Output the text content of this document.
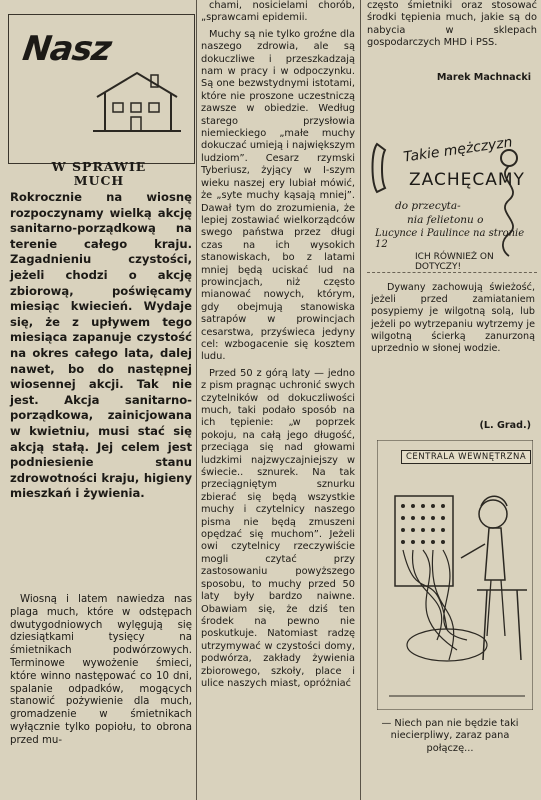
Nasz
W SPRAWIE
MUCH

Rokrocznie na wiosnę rozpoczynamy wielką akcję sanitarno-porządkową na terenie całego kraju. Zagadnieniu czystości, jeżeli chodzi o akcję zbiorową, poświęcamy miesiąc kwiecień. Wydaje się, że z upływem tego miesiąca zapanuje czystość na okres całego lata, dalej nawet, bo do następnej wiosennej akcji. Tak nie jest. Akcja sanitarno-porządkowa, zainicjowana w kwietniu, musi stać się akcją stałą. Jej celem jest podniesienie stanu zdrowotności kraju, higieny mieszkań i żywienia.

Wiosną i latem nawiedza nas plaga much, które w odstępach dwutygodniowych wylęgują się dziesiątkami tysięcy na śmietnikach podwórzowych. Terminowe wywożenie śmieci, które winno następować co 10 dni, spalanie odpadków, mogących stanowić pożywienie dla much, gromadzenie w śmietnikach wyłącznie tylko popiołu, to obrona przed mu-

chami, nosicielami chorób, „sprawcami epidemii.

Muchy są nie tylko groźne dla naszego zdrowia, ale są dokuczliwe i przeszkadzają nam w pracy i w odpoczynku. Są one bezwstydnymi istotami, które nie proszone uczestniczą zawsze w obiedzie. Według starego przysłowia niemieckiego „małe muchy dokuczać umieją i największym ludziom”. Cesarz rzymski Tyberiusz, żyjący w I-szym wieku naszej ery lubiał mówić, że „syte muchy kąsają mniej”. Dawał tym do zrozumienia, że lepiej zostawiać wielkorządców swego państwa przez długi czas na ich wysokich stanowiskach, bo z latami mniej będą uciskać lud na prowincjach, niż często mianować nowych, którym, gdy obejmują stanowiska satrapów w prowincjach cesarstwa, przyświeca jedyny cel: wzbogacenie się kosztem ludu.

Przed 50 z górą laty — jedno z pism pragnąc uchronić swych czytelników od dokuczliwości much, taki podało sposób na ich tępienie: „w poprzek pokoju, na całą jego długość, przeciąga się nad głowami ludzkimi najzwyczajniejszy w świecie.. sznurek. Na tak przeciągniętym sznurku zbierać się będą wszystkie muchy i czytelnicy naszego pisma nie będą zmuszeni opędzać się muchom”. Jeżeli owi czytelnicy rzeczywiście mogli czytać przy zastosowaniu powyższego sposobu, to muchy przed 50 laty były bardzo naiwne. Obawiam się, że dziś ten środek na pewno nie poskutkuje. Natomiast radzę utrzymywać w czystości domy, podwórza, zakłady żywienia zbiorowego, szkoły, place i ulice naszych miast, opróżniać

często śmietniki oraz stosować środki tępienia much, jakie są do nabycia w sklepach gospodarczych MHD i PSS.

Marek Machnacki
Takie mężczyzn
ZACHĘCAMY
do przecyta-
nia felietonu o
Lucynce i Paulince na stronie 12
ICH RÓWNIEŻ ON DOTYCZY!

Dywany zachowują świeżość, jeżeli przed zamiataniem posypiemy je wilgotną solą, lub jeżeli po wytrzepaniu wytrzemy je wilgotną ścierką zanurzoną uprzednio w słonej wodzie.

(L. Grad.)
CENTRALA WEWNĘTRZNA

— Niech pan nie będzie taki niecierpliwy, zaraz pana połączę...
